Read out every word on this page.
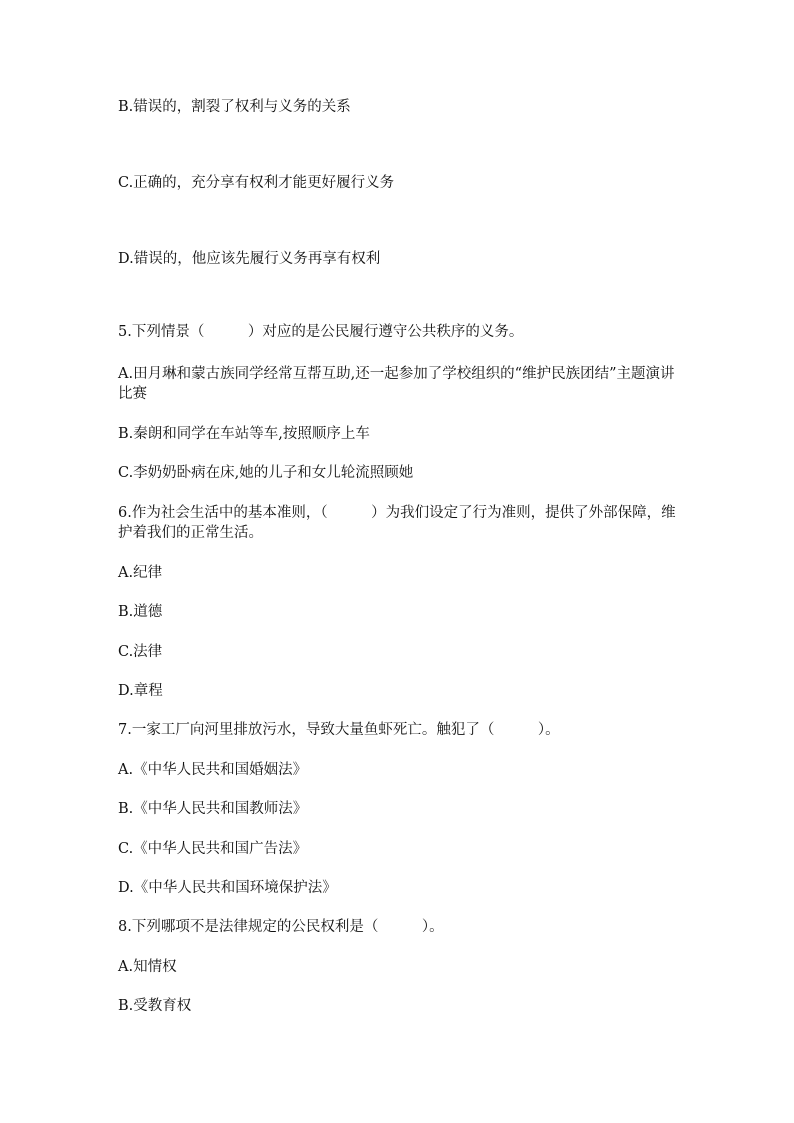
B.错误的，割裂了权利与义务的关系
C.正确的，充分享有权利才能更好履行义务
D.错误的，他应该先履行义务再享有权利
5.下列情景（　　　）对应的是公民履行遵守公共秩序的义务。
A.田月琳和蒙古族同学经常互帮互助,还一起参加了学校组织的“维护民族团结”主题演讲比赛
B.秦朗和同学在车站等车,按照顺序上车
C.李奶奶卧病在床,她的儿子和女儿轮流照顾她
6.作为社会生活中的基本准则，（　　　）为我们设定了行为准则，提供了外部保障，维护着我们的正常生活。
A.纪律
B.道德
C.法律
D.章程
7.一家工厂向河里排放污水，导致大量鱼虾死亡。触犯了（　　　）。
A.《中华人民共和国婚姻法》
B.《中华人民共和国教师法》
C.《中华人民共和国广告法》
D.《中华人民共和国环境保护法》
8.下列哪项不是法律规定的公民权利是（　　　）。
A.知情权
B.受教育权
